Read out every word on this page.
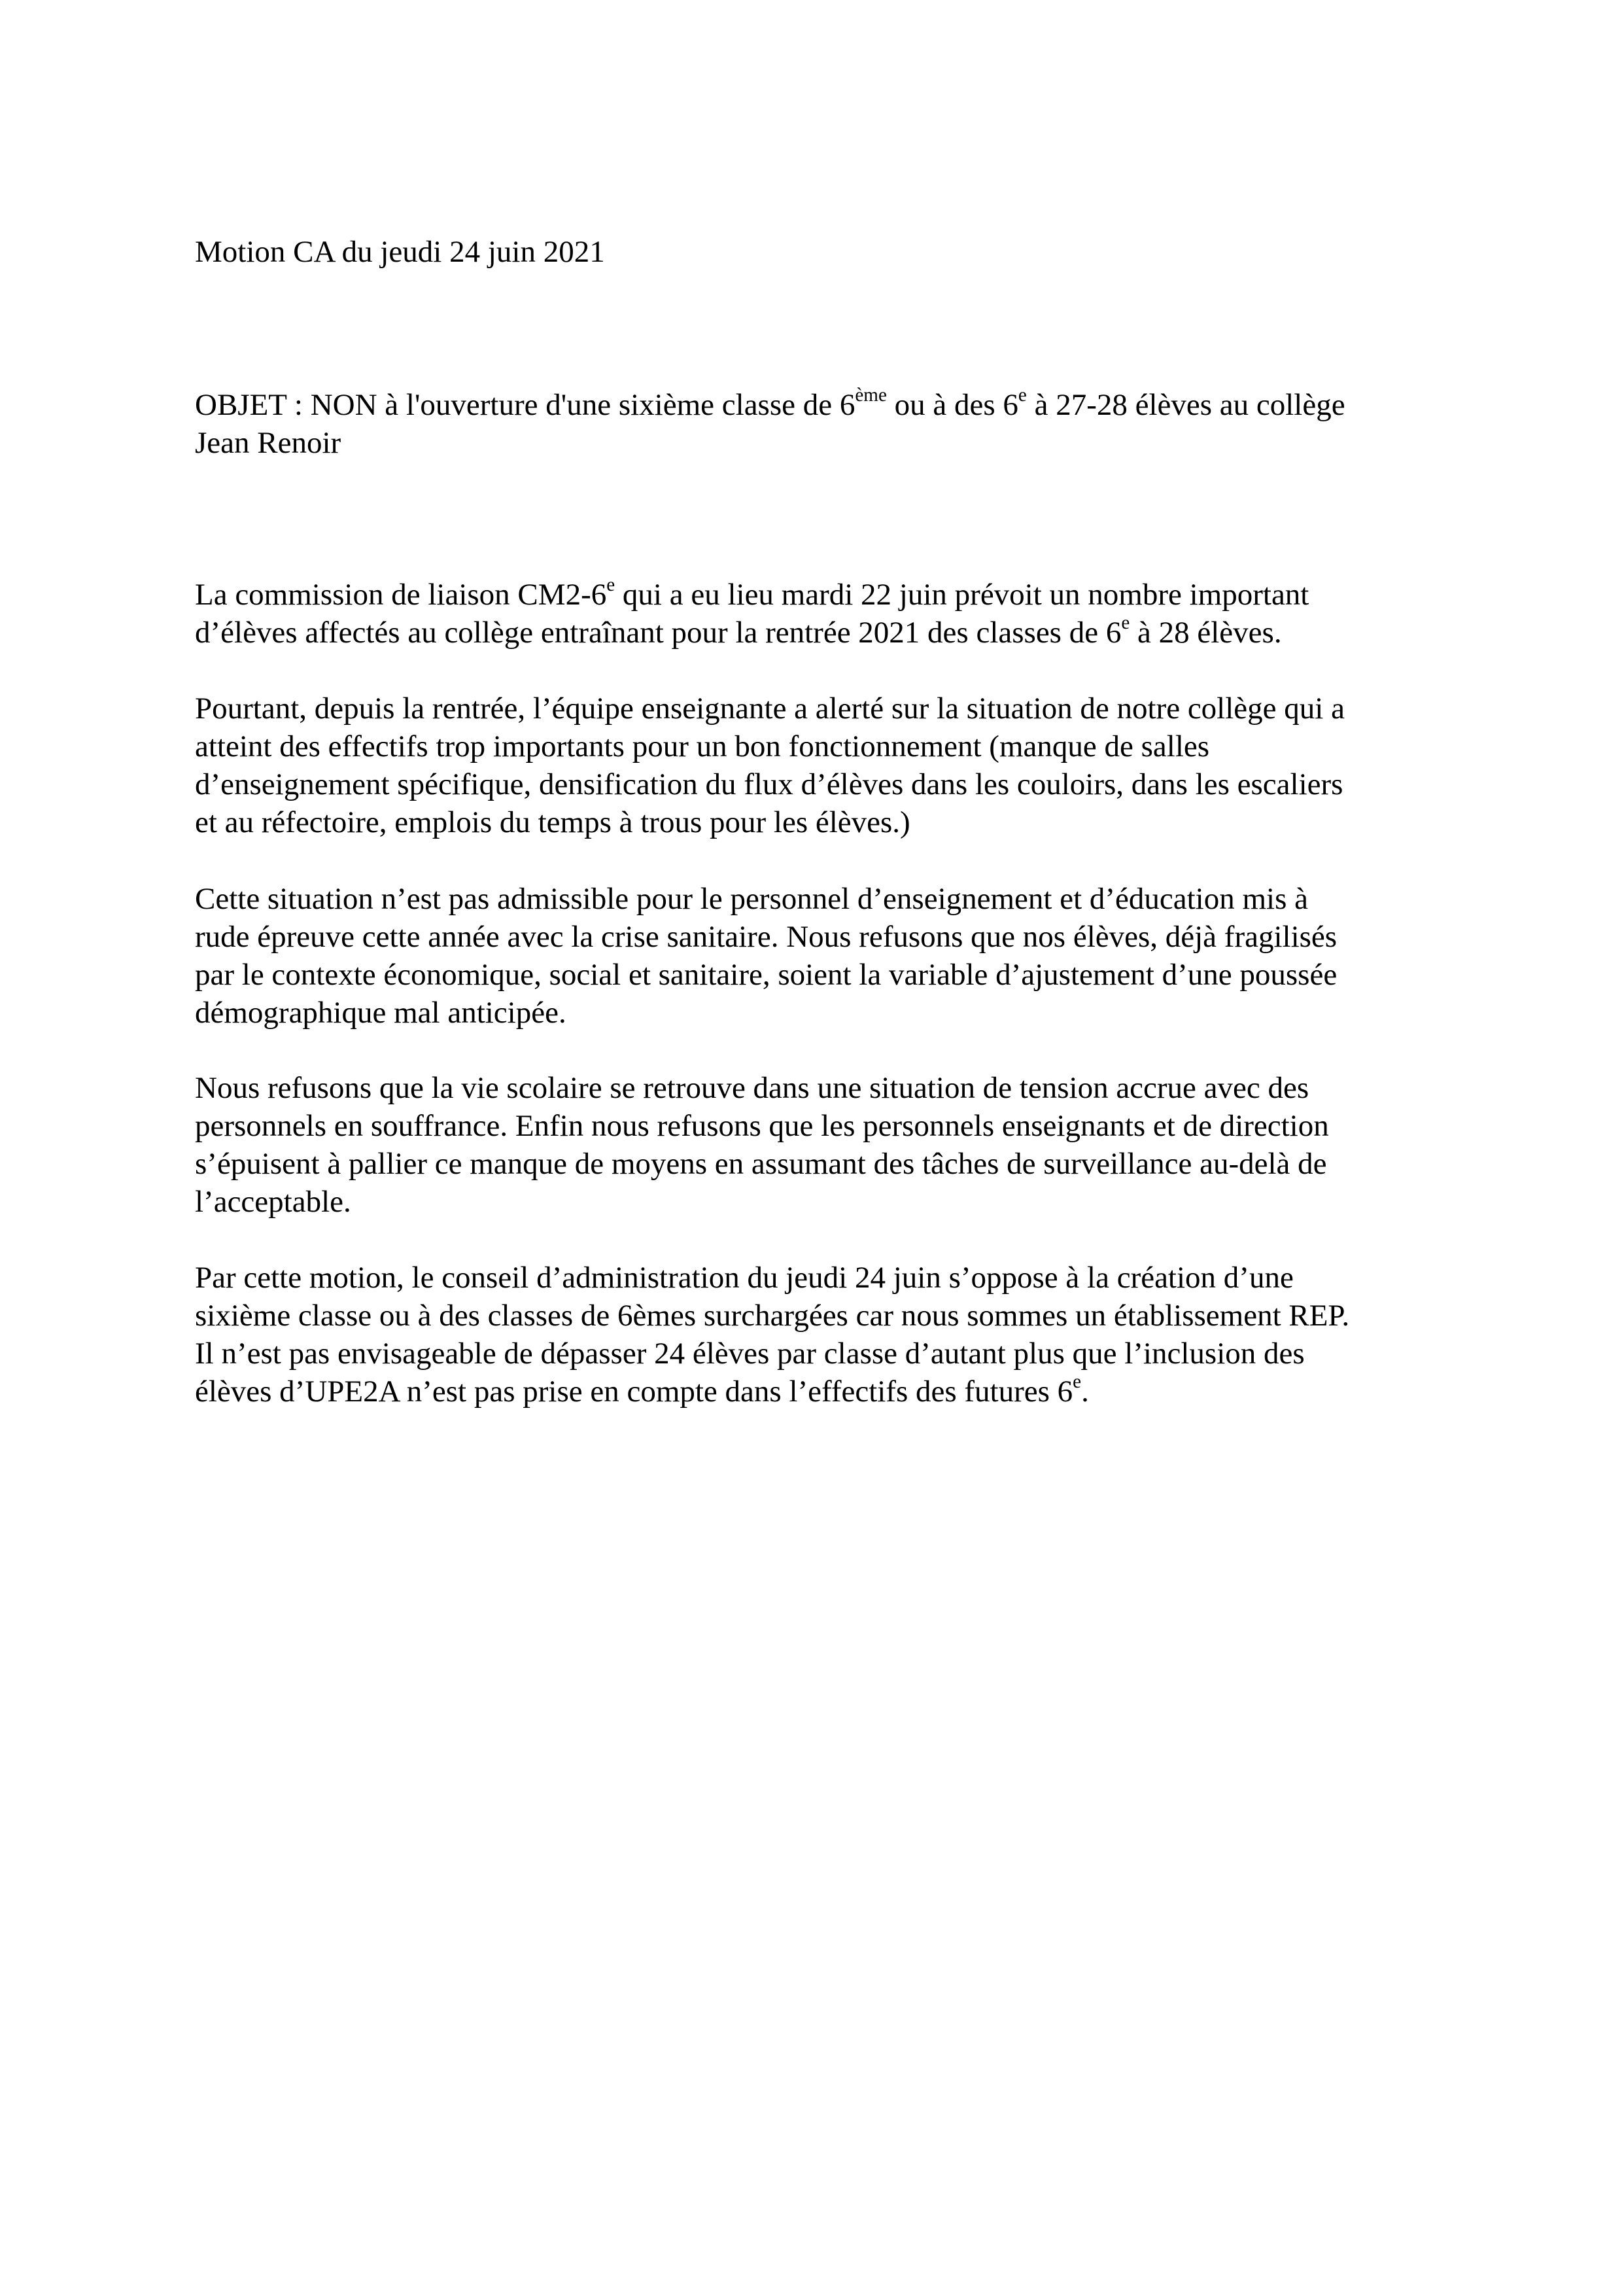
Motion CA du jeudi 24 juin 2021

OBJET : NON à l'ouverture d'une sixième classe de 6ème ou à des 6e à 27-28 élèves au collège
Jean Renoir

La commission de liaison CM2-6e qui a eu lieu mardi 22 juin prévoit un nombre important
d’élèves affectés au collège entraînant pour la rentrée 2021 des classes de 6e à 28 élèves.

Pourtant, depuis la rentrée, l’équipe enseignante a alerté sur la situation de notre collège qui a
atteint des effectifs trop importants pour un bon fonctionnement (manque de salles
d’enseignement spécifique, densification du flux d’élèves dans les couloirs, dans les escaliers
et au réfectoire, emplois du temps à trous pour les élèves.)

Cette situation n’est pas admissible pour le personnel d’enseignement et d’éducation mis à
rude épreuve cette année avec la crise sanitaire. Nous refusons que nos élèves, déjà fragilisés
par le contexte économique, social et sanitaire, soient la variable d’ajustement d’une poussée
démographique mal anticipée.

Nous refusons que la vie scolaire se retrouve dans une situation de tension accrue avec des
personnels en souffrance. Enfin nous refusons que les personnels enseignants et de direction
s’épuisent à pallier ce manque de moyens en assumant des tâches de surveillance au-delà de
l’acceptable.

Par cette motion, le conseil d’administration du jeudi 24 juin s’oppose à la création d’une
sixième classe ou à des classes de 6èmes surchargées car nous sommes un établissement REP.
Il n’est pas envisageable de dépasser 24 élèves par classe d’autant plus que l’inclusion des
élèves d’UPE2A n’est pas prise en compte dans l’effectifs des futures 6e.
